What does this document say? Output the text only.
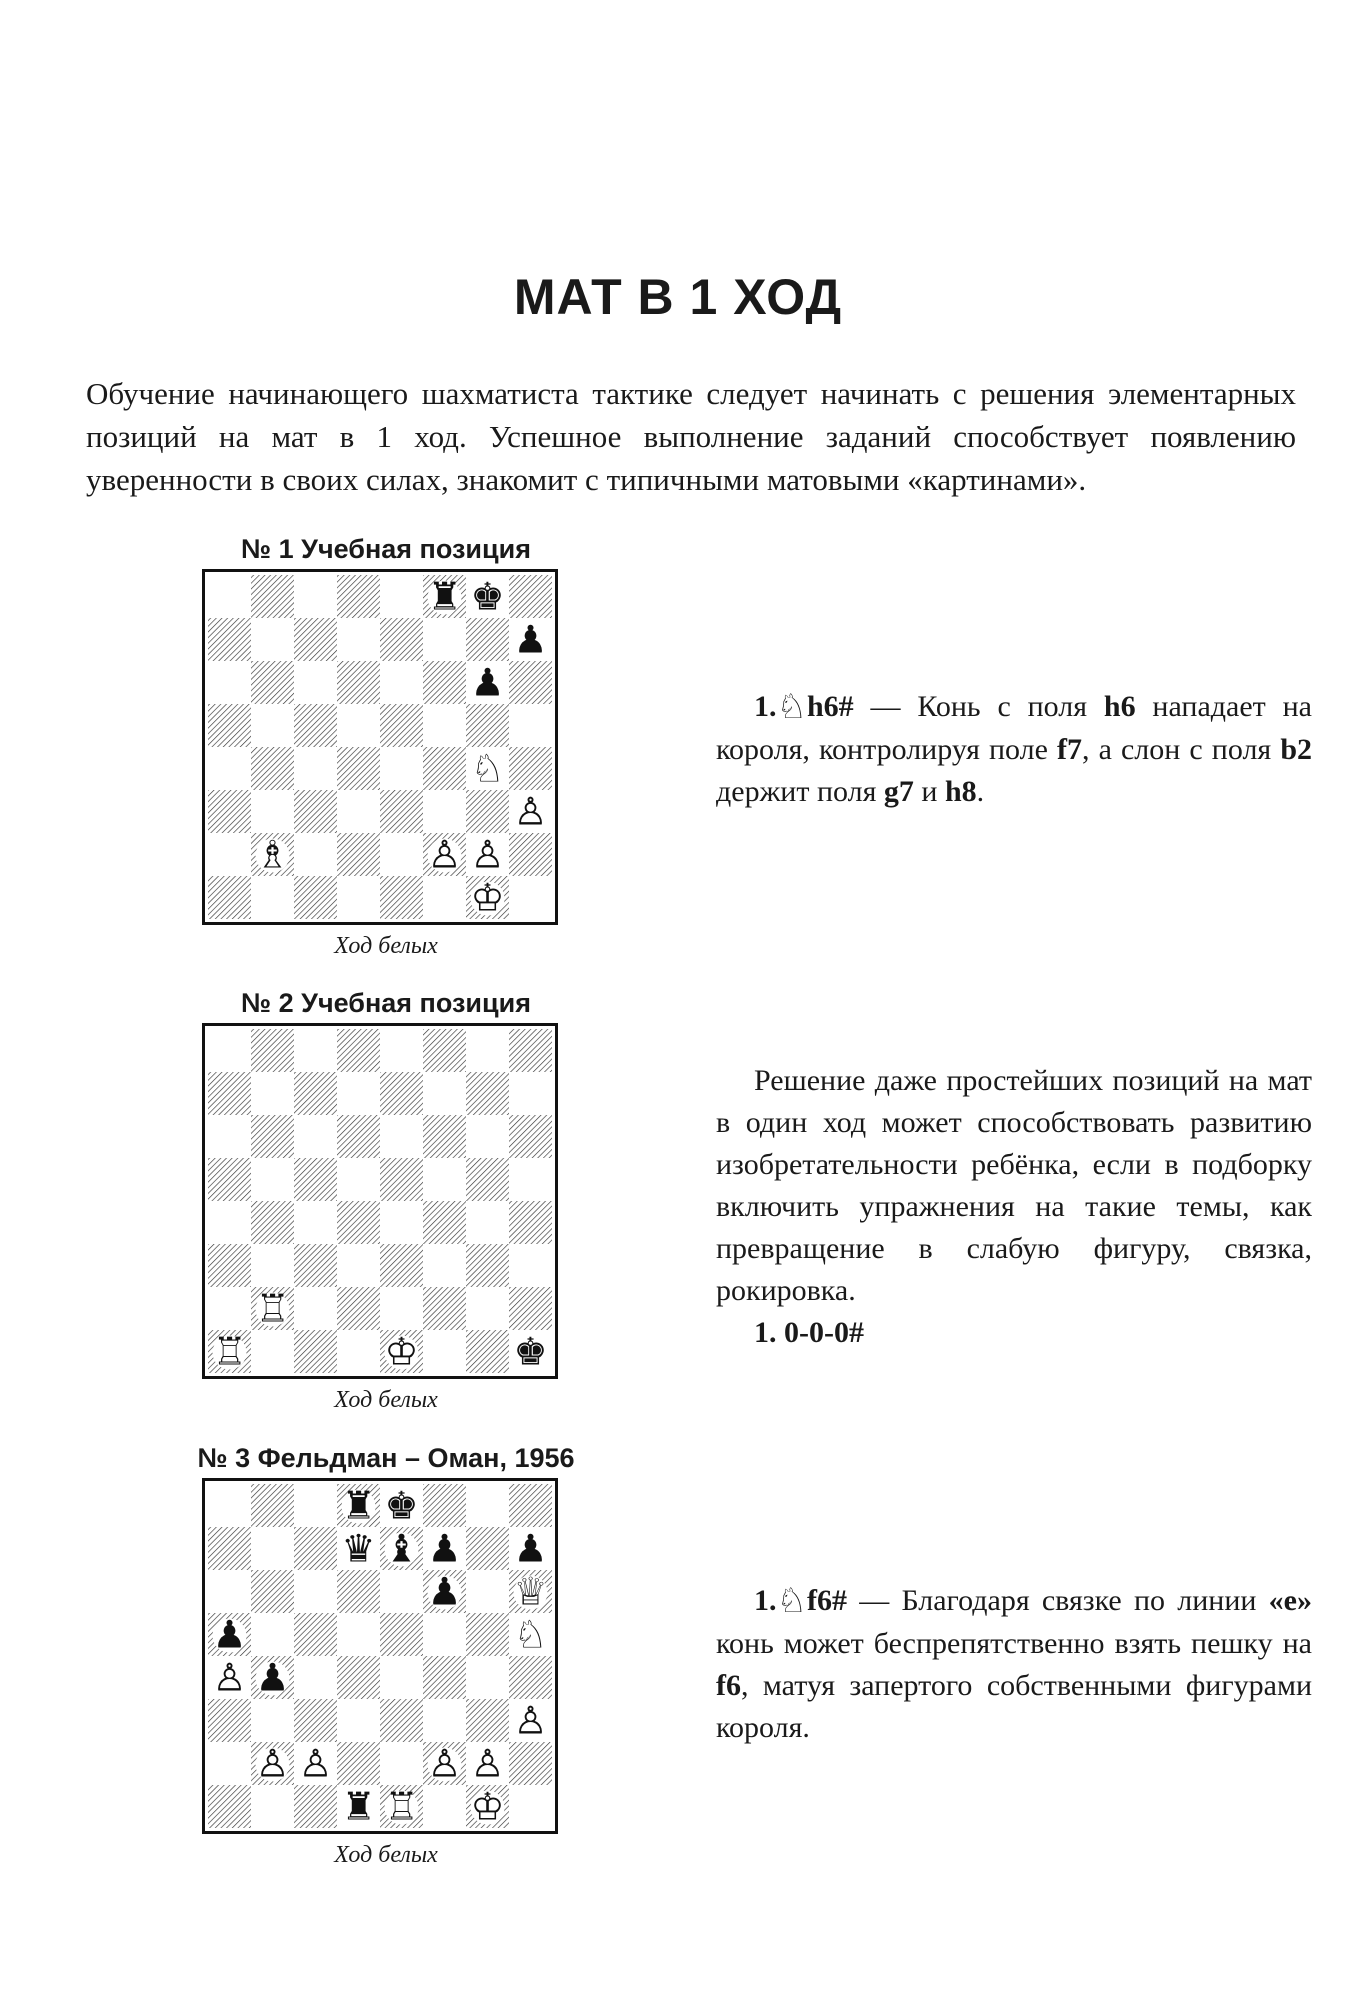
МАТ В 1 ХОД

Обучение начинающего шахматиста тактике следует начинать с решения элементарных позиций на мат в 1 ход. Успешное выполнение заданий способствует появлению уверенности в своих силах, знакомит с типичными матовыми «картинами».

№ 1 Учебная позиция
♜ ♚
♟
♟
♘
♙
♗	♙ ♙
♔
Ход белых
№ 2 Учебная позиция
♖
♖	♔ ♚
Ход белых
№ 3 Фельдман – Оман, 1956
♜ ♚
♛ ♝ ♟ ♟
♟ ♕
♟	♘
♙ ♟
♙
♙ ♙ ♙ ♙
♜ ♖ ♔
Ход белых

1.♘h6# — Конь с поля h6 нападает на короля, контролируя поле f7, а слон с поля b2 держит поля g7 и h8.

Решение даже простейших позиций на мат в один ход может способствовать развитию изобретательности ребёнка, если в подборку включить упражнения на такие темы, как превращение в слабую фигуру, связка, рокировка.

1. 0-0-0#

1.♘f6# — Благодаря связке по линии «е» конь может беспрепятственно взять пешку на f6, матуя запертого собственными фигурами короля.
